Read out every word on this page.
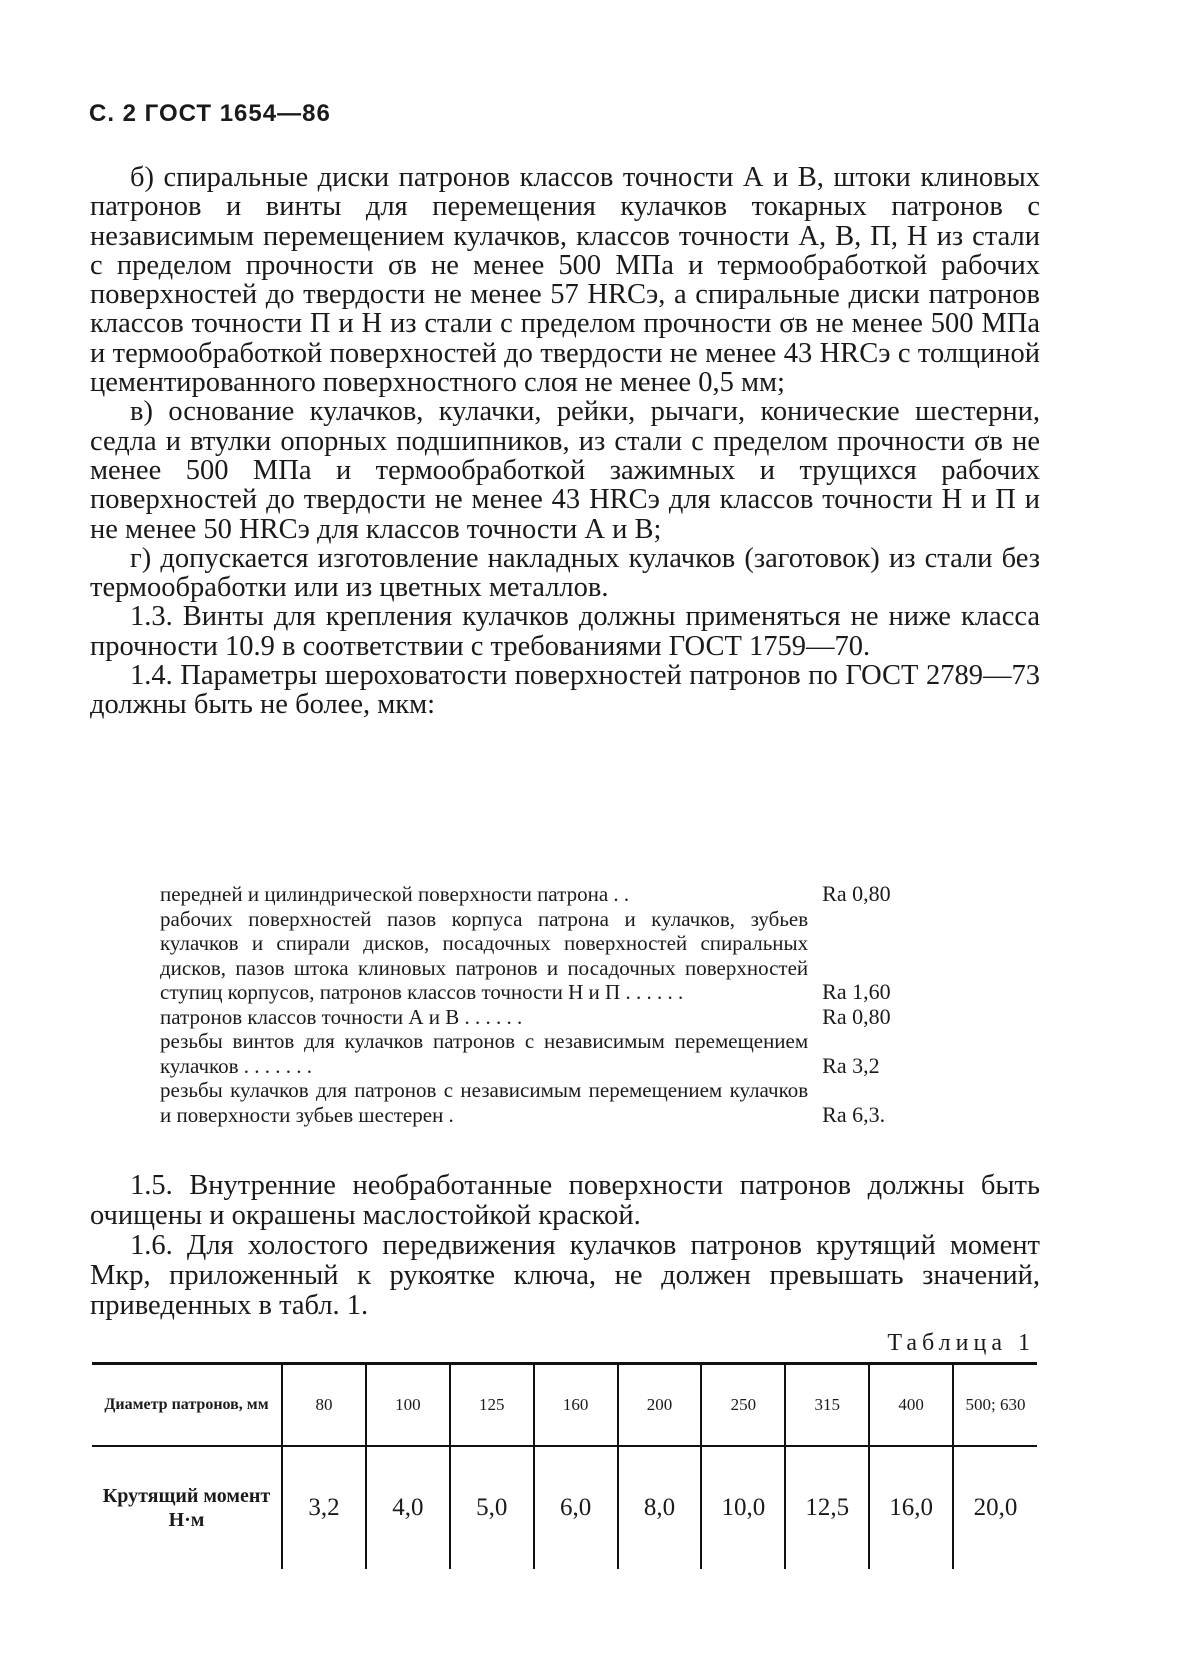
С. 2 ГОСТ 1654—86

б) спиральные диски патронов классов точности А и В, штоки клиновых патронов и винты для перемещения кулачков токарных патронов с независимым перемещением кулачков, классов точности А, В, П, Н из стали с пределом прочности σв не менее 500 МПа и термообработкой рабочих поверхностей до твердости не менее 57 HRCэ, а спиральные диски патронов классов точности П и Н из стали с пределом прочности σв не менее 500 МПа и термообработкой поверхностей до твердости не менее 43 HRCэ с толщиной цементированного поверхностного слоя не менее 0,5 мм;

в) основание кулачков, кулачки, рейки, рычаги, конические шестерни, седла и втулки опорных подшипников, из стали с пределом прочности σв не менее 500 МПа и термообработкой зажимных и трущихся рабочих поверхностей до твердости не менее 43 HRCэ для классов точности Н и П и не менее 50 HRCэ для классов точности А и В;

г) допускается изготовление накладных кулачков (заготовок) из стали без термообработки или из цветных металлов.

1.3. Винты для крепления кулачков должны применяться не ниже класса прочности 10.9 в соответствии с требованиями ГОСТ 1759—70.

1.4. Параметры шероховатости поверхностей патронов по ГОСТ 2789—73 должны быть не более, мкм:

передней и цилиндрической поверхности патрона . .	Ra 0,80
рабочих поверхностей пазов корпуса патрона и кулачков, зубьев кулачков и спирали дисков, посадочных поверхностей спиральных дисков, пазов штока клиновых патронов и посадочных поверхностей ступиц корпусов, патронов классов точности Н и П . . . . . .	Ra 1,60
патронов классов точности А и В . . . . . .	Ra 0,80
резьбы винтов для кулачков патронов с независимым перемещением кулачков . . . . . . .	Ra 3,2
резьбы кулачков для патронов с независимым перемещением кулачков и поверхности зубьев шестерен .	Ra 6,3.

1.5. Внутренние необработанные поверхности патронов должны быть очищены и окрашены маслостойкой краской.

1.6. Для холостого передвижения кулачков патронов крутящий момент Mкр, приложенный к рукоятке ключа, не должен превышать значений, приведенных в табл. 1.

Таблица 1
Диаметр патронов, мм	80	100	125	160	200	250	315	400	500; 630
Крутящий момент Н·м	3,2	4,0	5,0	6,0	8,0	10,0	12,5	16,0	20,0
